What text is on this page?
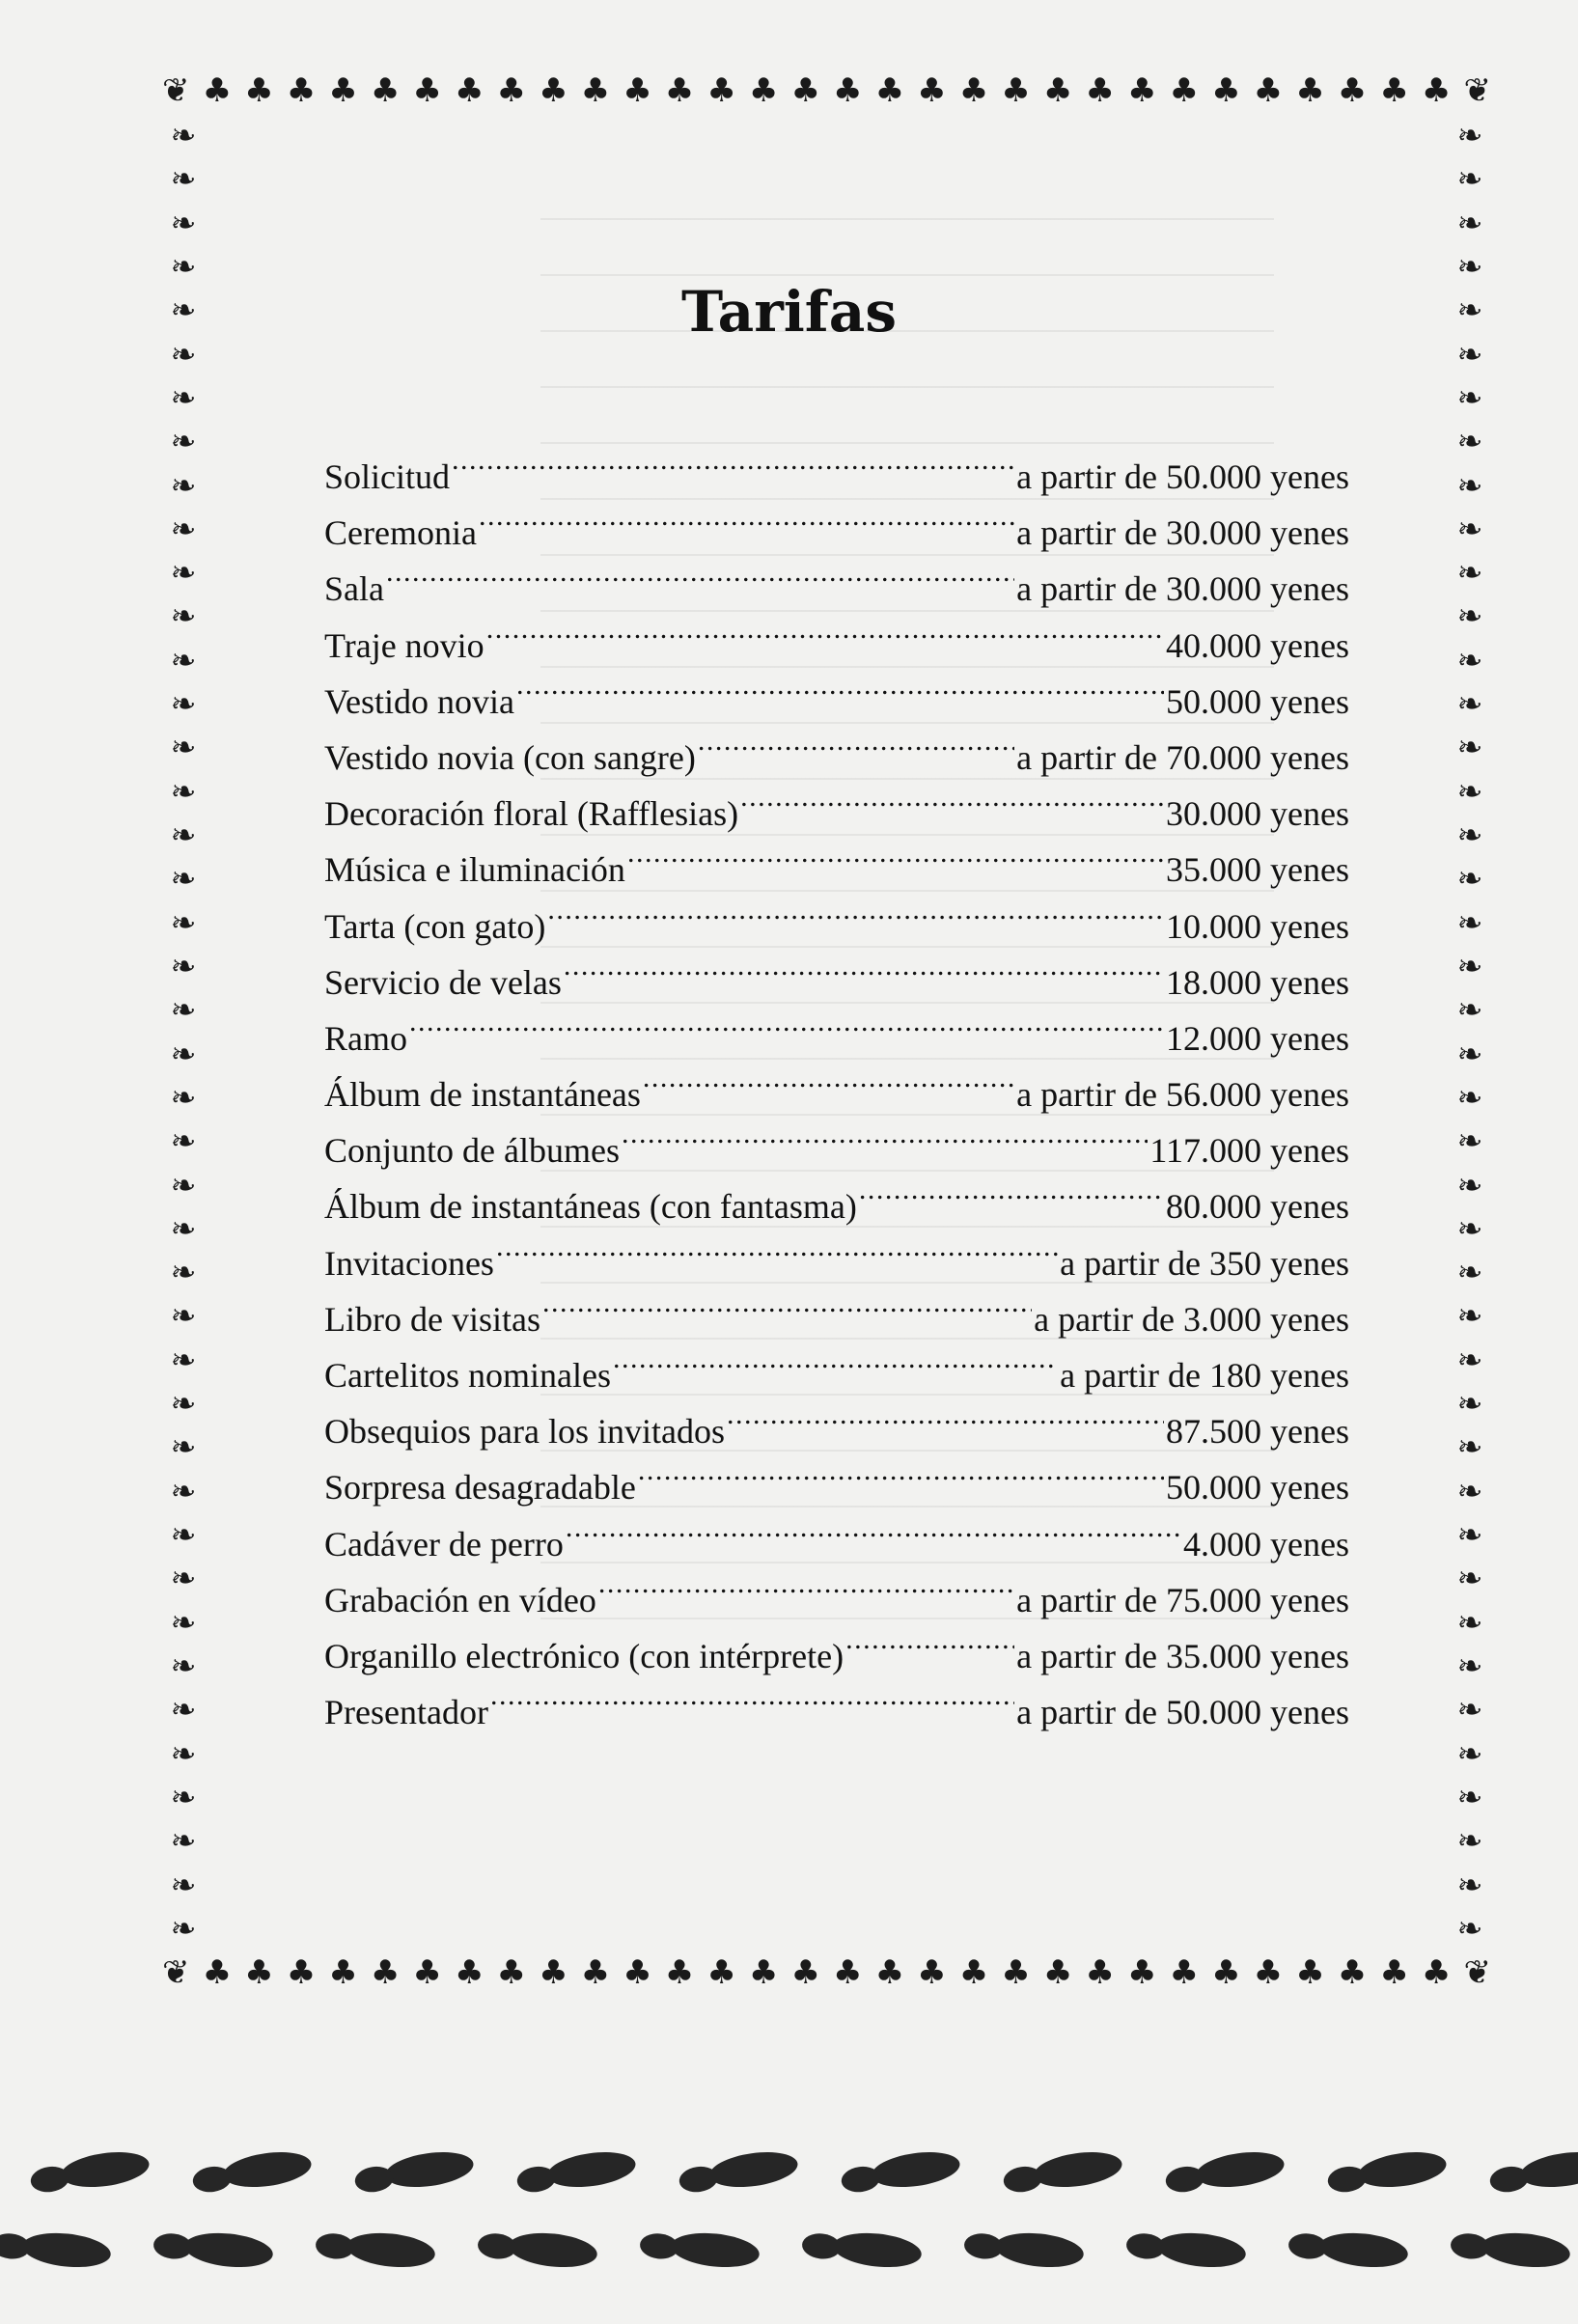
❦ ♣ ♣ ♣ ♣ ♣ ♣ ♣ ♣ ♣ ♣ ♣ ♣ ♣ ♣ ♣ ♣ ♣ ♣ ♣ ♣ ♣ ♣ ♣ ♣ ♣ ♣ ♣ ♣ ♣ ♣ ❦
❧
❧
❧
❧
❧
❧
❧
❧
❧
❧
❧
❧
❧
❧
❧
❧
❧
❧
❧
❧
❧
❧
❧
❧
❧
❧
❧
❧
❧
❧
❧
❧
❧
❧
❧
❧
❧
❧
❧
❧
❧
❧
❧
❧
❧
❧
❧
❧
❧
❧
❧
❧
❧
❧
❧
❧
❧
❧
❧
❧
❧
❧
❧
❧
❧
❧
❧
❧
❧
❧
❧
❧
❧
❧
❧
❧
❧
❧
❧
❧
❧
❧
❧
❧
❦ ♣ ♣ ♣ ♣ ♣ ♣ ♣ ♣ ♣ ♣ ♣ ♣ ♣ ♣ ♣ ♣ ♣ ♣ ♣ ♣ ♣ ♣ ♣ ♣ ♣ ♣ ♣ ♣ ♣ ♣ ❦
Tarifas
Solicitud . . .	a partir de 50.000 yenes
Ceremonia . . .	a partir de 30.000 yenes
Sala . . .	a partir de 30.000 yenes
Traje novio . . .	40.000 yenes
Vestido novia . . .	50.000 yenes
Vestido novia (con sangre) . . .	a partir de 70.000 yenes
Decoración floral (Rafflesias) . . .	30.000 yenes
Música e iluminación . . .	35.000 yenes
Tarta (con gato) . . .	10.000 yenes
Servicio de velas . . .	18.000 yenes
Ramo . . .	12.000 yenes
Álbum de instantáneas . . .	a partir de 56.000 yenes
Conjunto de álbumes . . .	117.000 yenes
Álbum de instantáneas (con fantasma) . . .	80.000 yenes
Invitaciones . . .	a partir de 350 yenes
Libro de visitas . . .	a partir de 3.000 yenes
Cartelitos nominales . . .	a partir de 180 yenes
Obsequios para los invitados . . .	87.500 yenes
Sorpresa desagradable . . .	50.000 yenes
Cadáver de perro . . .	4.000 yenes
Grabación en vídeo . . .	a partir de 75.000 yenes
Organillo electrónico (con intérprete) . . .	a partir de 35.000 yenes
Presentador . . .	a partir de 50.000 yenes
